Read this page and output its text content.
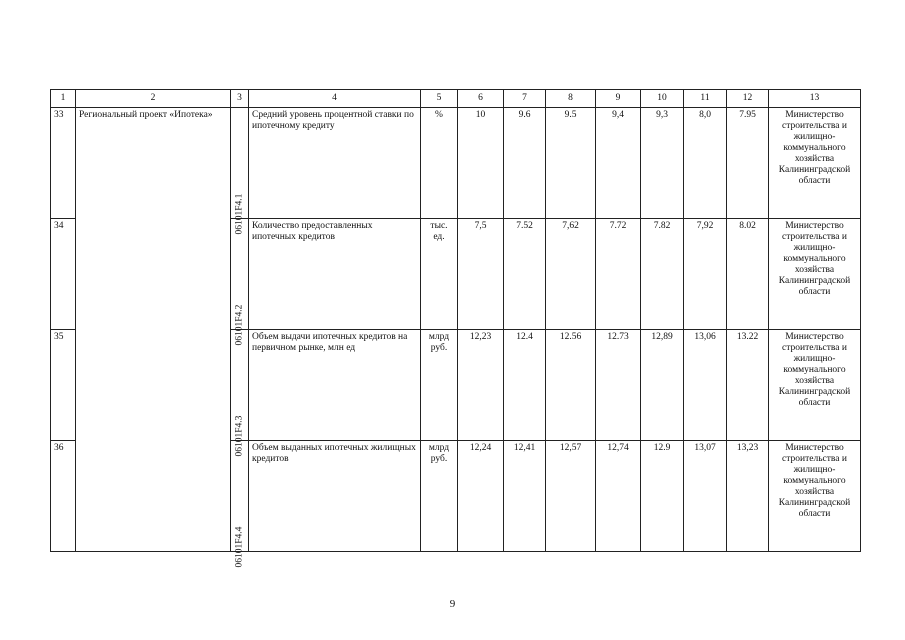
1	2	3	4	5	6	7	8	9	10	11	12	13
33	Региональный проект «Ипотека»	06101F4.1	Средний уровень процентной ставки по ипотечному кредиту	%	10	9.6	9.5	9,4	9,3	8,0	7.95	Министерство строительства и жилищно-коммунального хозяйства Калининградской области
34		06101F4.2	Количество предоставленных ипотечных кредитов	тыс. ед.	7,5	7.52	7,62	7.72	7.82	7,92	8.02	Министерство строительства и жилищно-коммунального хозяйства Калининградской области
35		06101F4.3	Объем выдачи ипотечных кредитов на первичном рынке, млн ед	млрд руб.	12,23	12.4	12.56	12.73	12,89	13,06	13.22	Министерство строительства и жилищно-коммунального хозяйства Калининградской области
36		06101F4.4	Объем выданных ипотечных жилищных кредитов	млрд руб.	12,24	12,41	12,57	12,74	12.9	13,07	13,23	Министерство строительства и жилищно-коммунального хозяйства Калининградской области
9
